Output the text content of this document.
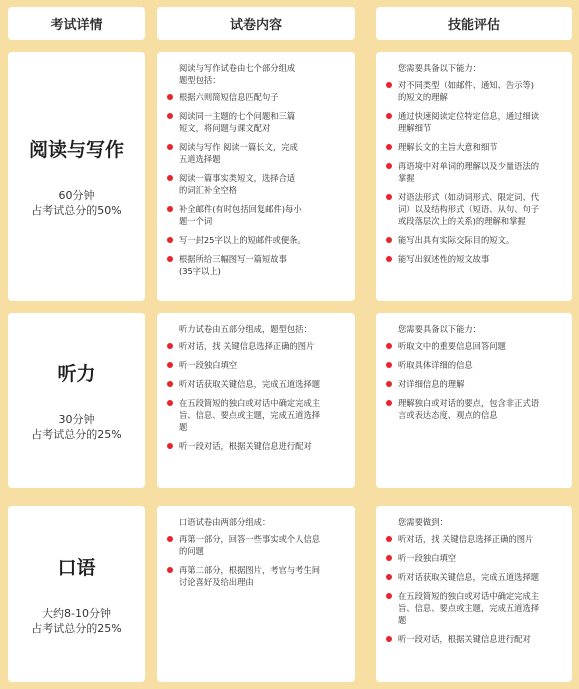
考试详情	试卷内容	技能评估
阅读与写作
60分钟
占考试总分的50%
阅读与写作试卷由七个部分组成
题型包括：
根据六则简短信息匹配句子
阅读同一主题的七个问题和三篇
短文，将问题与课文配对
阅读与写作 阅读一篇长文，完成
五道选择题
阅读一篇事实类短文，选择合适
的词汇补全空格
补全邮件(有时包括回复邮件)每小
题一个词
写一封25字以上的短邮件或便条。
根据所给三幅图写一篇短故事
(35字以上)
您需要具备以下能力：
对不同类型（如邮件、通知、告示等)
的短文的理解
通过快速阅读定位特定信息，通过细读
理解细节
理解长文的主旨大意和细节
再语境中对单词的理解以及少量语法的
掌握
对语法形式（如动词形式、限定词、代
词）以及结构形式（短语、从句、句子
或段落层次上的关系)的理解和掌握
能写出具有实际交际目的短文。
能写出叙述性的短文故事
听力
30分钟
占考试总分的25%
听力试卷由五部分组成，题型包括：
听对话，找 关键信息选择正确的图片
听一段独白填空
听对话获取关键信息，完成五道选择题
在五段简短的独白或对话中确定完成主
旨、信息、要点或主题，完成五道选择
题
听一段对话，根据关键信息进行配对
您需要具备以下能力：
听取文中的重要信息回答问题
听取具体详细的信息
对详细信息的理解
理解独白或对话的要点，包含非正式语
言或表达态度、观点的信息
口语
大约8-10分钟
占考试总分的25%
口语试卷由两部分组成：
再第一部分，回答一些事实或个人信息
的问题
再第二部分，根据图片，考官与考生间
讨论喜好及给出理由
您需要做到：
听对话，找 关键信息选择正确的图片
听一段独白填空
听对话获取关键信息，完成五道选择题
在五段简短的独白或对话中确定完成主
旨、信息、要点或主题，完成五道选择
题
听一段对话，根据关键信息进行配对
